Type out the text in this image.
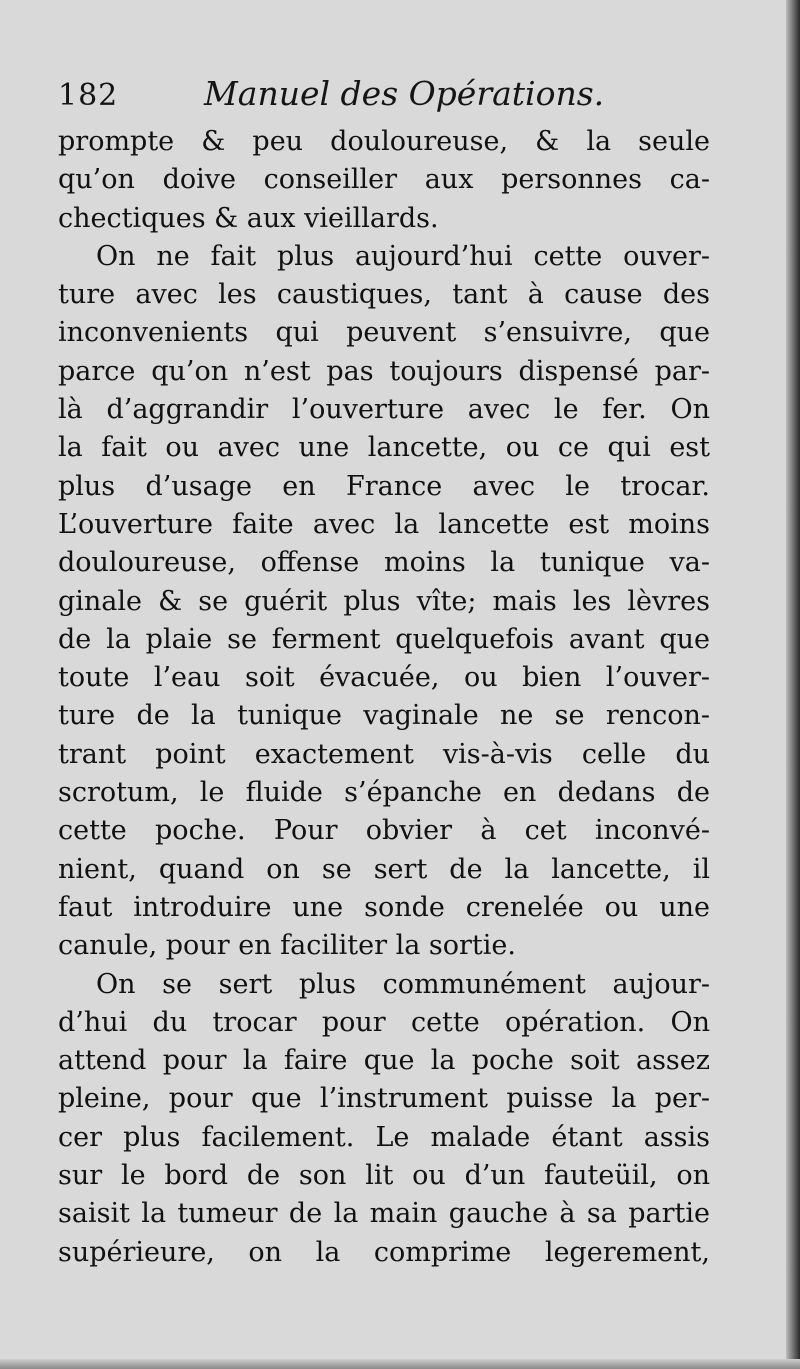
182	Manuel des Opérations.
prompte & peu douloureuse, & la seule
qu’on doive conseiller aux personnes ca-
chectiques & aux vieillards.
On ne fait plus aujourd’hui cette ouver-
ture avec les caustiques, tant à cause des
inconvenients qui peuvent s’ensuivre, que
parce qu’on n’est pas toujours dispensé par-
là d’aggrandir l’ouverture avec le fer. On
la fait ou avec une lancette, ou ce qui est
plus d’usage en France avec le trocar.
L’ouverture faite avec la lancette est moins
douloureuse, offense moins la tunique va-
ginale & se guérit plus vîte; mais les lèvres
de la plaie se ferment quelquefois avant que
toute l’eau soit évacuée, ou bien l’ouver-
ture de la tunique vaginale ne se rencon-
trant point exactement vis-à-vis celle du
scrotum, le fluide s’épanche en dedans de
cette poche. Pour obvier à cet inconvé-
nient, quand on se sert de la lancette, il
faut introduire une sonde crenelée ou une
canule, pour en faciliter la sortie.
On se sert plus communément aujour-
d’hui du trocar pour cette opération. On
attend pour la faire que la poche soit assez
pleine, pour que l’instrument puisse la per-
cer plus facilement. Le malade étant assis
sur le bord de son lit ou d’un fauteüil, on
saisit la tumeur de la main gauche à sa partie
supérieure, on la comprime legerement,
